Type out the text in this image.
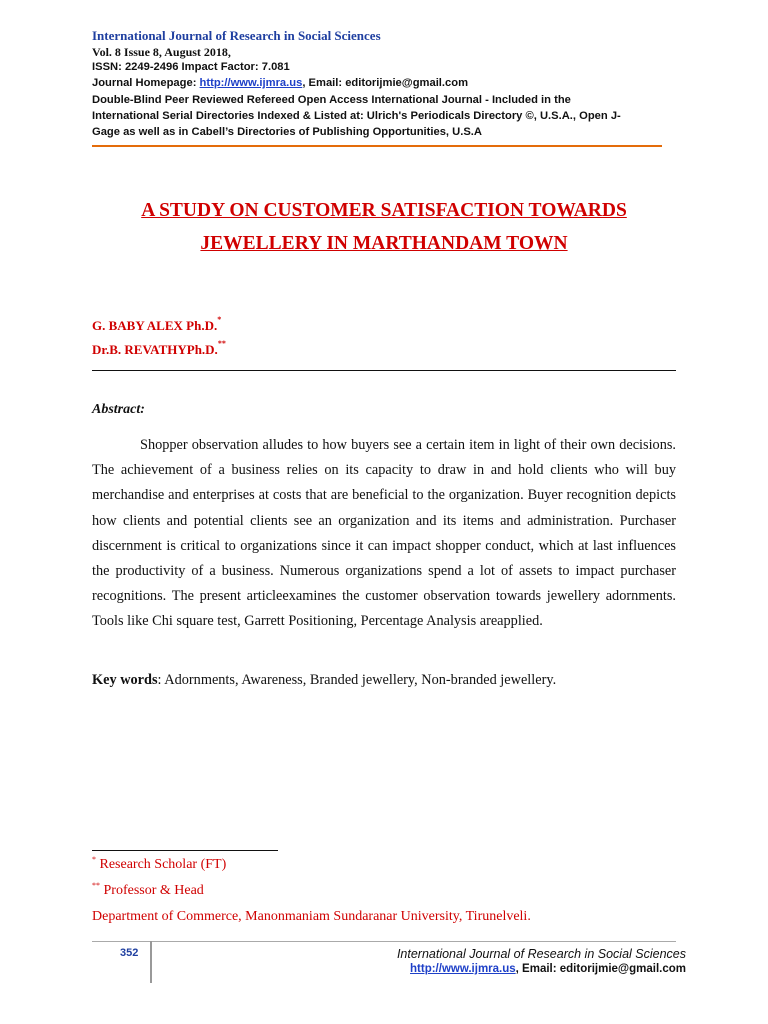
International Journal of Research in Social Sciences
Vol. 8 Issue 8, August 2018,
ISSN: 2249-2496 Impact Factor: 7.081
Journal Homepage: http://www.ijmra.us, Email: editorijmie@gmail.com
Double-Blind Peer Reviewed Refereed Open Access International Journal - Included in the
International Serial Directories Indexed & Listed at: Ulrich's Periodicals Directory ©, U.S.A., Open J-
Gage as well as in Cabell’s Directories of Publishing Opportunities, U.S.A
A STUDY ON CUSTOMER SATISFACTION TOWARDS
JEWELLERY IN MARTHANDAM TOWN
G. BABY ALEX Ph.D.*
Dr.B. REVATHYPh.D.**
Abstract:
Shopper observation alludes to how buyers see a certain item in light of their own decisions. The achievement of a business relies on its capacity to draw in and hold clients who will buy merchandise and enterprises at costs that are beneficial to the organization. Buyer recognition depicts how clients and potential clients see an organization and its items and administration. Purchaser discernment is critical to organizations since it can impact shopper conduct, which at last influences the productivity of a business. Numerous organizations spend a lot of assets to impact purchaser recognitions. The present articleexamines the customer observation towards jewellery adornments. Tools like Chi square test, Garrett Positioning, Percentage Analysis areapplied.
Key words: Adornments, Awareness, Branded jewellery, Non-branded jewellery.
* Research Scholar (FT)
** Professor & Head
Department of Commerce, Manonmaniam Sundaranar University, Tirunelveli.
352	International Journal of Research in Social Sciences
http://www.ijmra.us, Email: editorijmie@gmail.com
